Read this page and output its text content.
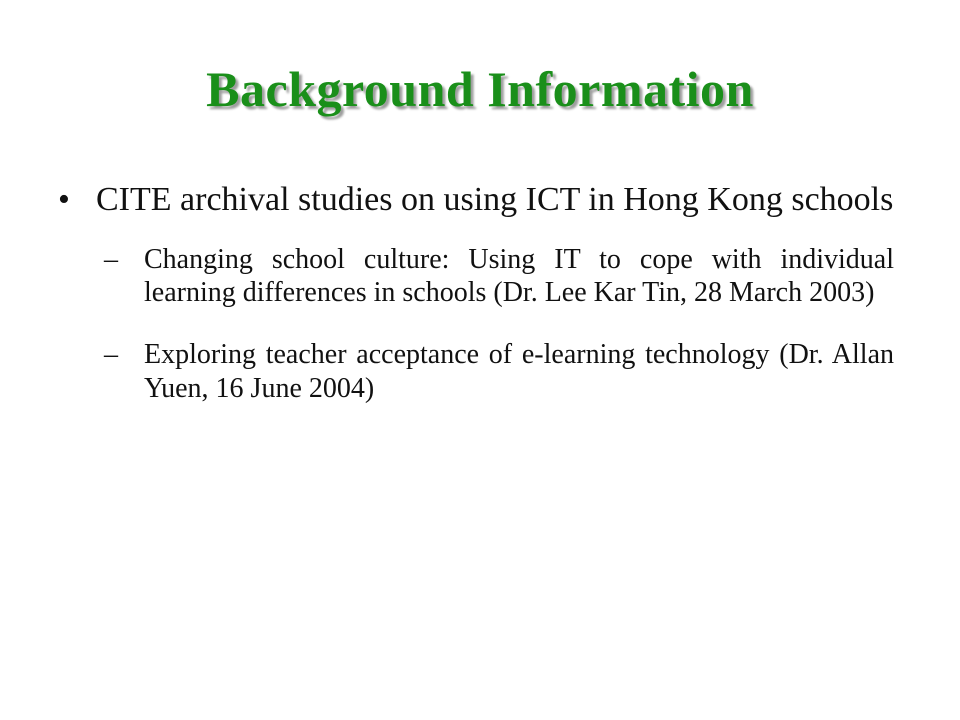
Background Information
• CITE archival studies on using ICT in Hong Kong schools
– Changing school culture: Using IT to cope with individual learning differences in schools (Dr. Lee Kar Tin, 28 March 2003)
– Exploring teacher acceptance of e-learning technology (Dr. Allan Yuen, 16 June 2004)
